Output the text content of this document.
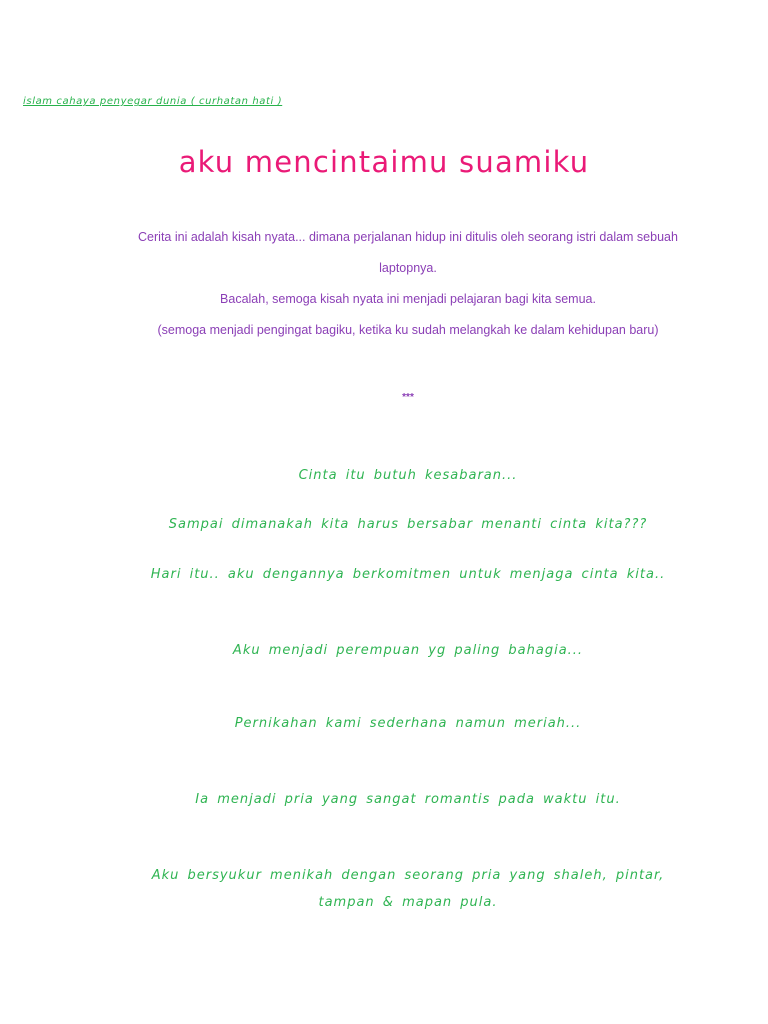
islam cahaya penyegar dunia ( curhatan hati )
aku mencintaimu suamiku

Cerita ini adalah kisah nyata... dimana perjalanan hidup ini ditulis oleh seorang istri dalam sebuah laptopnya.

Bacalah, semoga kisah nyata ini menjadi pelajaran bagi kita semua.

(semoga menjadi pengingat bagiku, ketika ku sudah melangkah ke dalam kehidupan baru)

***
Cinta itu butuh kesabaran...
Sampai dimanakah kita harus bersabar menanti cinta kita???
Hari itu.. aku dengannya berkomitmen untuk menjaga cinta kita..
Aku menjadi perempuan yg paling bahagia...
Pernikahan kami sederhana namun meriah...
Ia menjadi pria yang sangat romantis pada waktu itu.
Aku bersyukur menikah dengan seorang pria yang shaleh, pintar, tampan & mapan pula.
